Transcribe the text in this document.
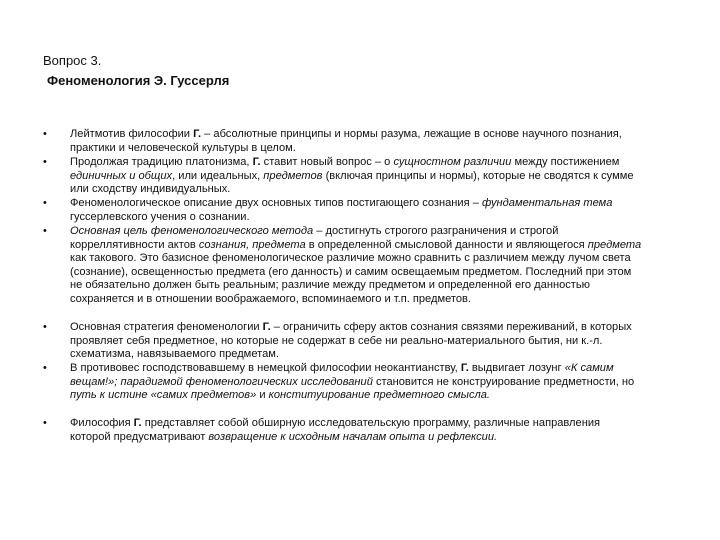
Вопрос 3.
Феноменология Э. Гуссерля
• Лейтмотив философии Г. – абсолютные принципы и нормы разума, лежащие в основе научного познания, практики и человеческой культуры в целом.
• Продолжая традицию платонизма, Г. ставит новый вопрос – о сущностном различии между постижением единичных и общих, или идеальных, предметов (включая принципы и нормы), которые не сводятся к сумме или сходству индивидуальных.
• Феноменологическое описание двух основных типов постигающего сознания – фундаментальная тема гуссерлевского учения о сознании.
• Основная цель феноменологического метода – достигнуть строгого разграничения и строгой корреллятивности актов сознания, предмета в определенной смысловой данности и являющегося предмета как такового. Это базисное феноменологическое различие можно сравнить с различием между лучом света (сознание), освещенностью предмета (его данность) и самим освещаемым предметом. Последний при этом не обязательно должен быть реальным; различие между предметом и определенной его данностью сохраняется и в отношении воображаемого, вспоминаемого и т.п. предметов.
• Основная стратегия феноменологии Г. – ограничить сферу актов сознания связями переживаний, в которых проявляет себя предметное, но которые не содержат в себе ни реально-материального бытия, ни к.-л. схематизма, навязываемого предметам.
• В противовес господствовавшему в немецкой философии неокантианству, Г. выдвигает лозунг «К самим вещам!»; парадигмой феноменологических исследований становится не конструирование предметности, но путь к истине «самих предметов» и конституирование предметного смысла.
• Философия Г. представляет собой обширную исследовательскую программу, различные направления которой предусматривают возвращение к исходным началам опыта и рефлексии.
